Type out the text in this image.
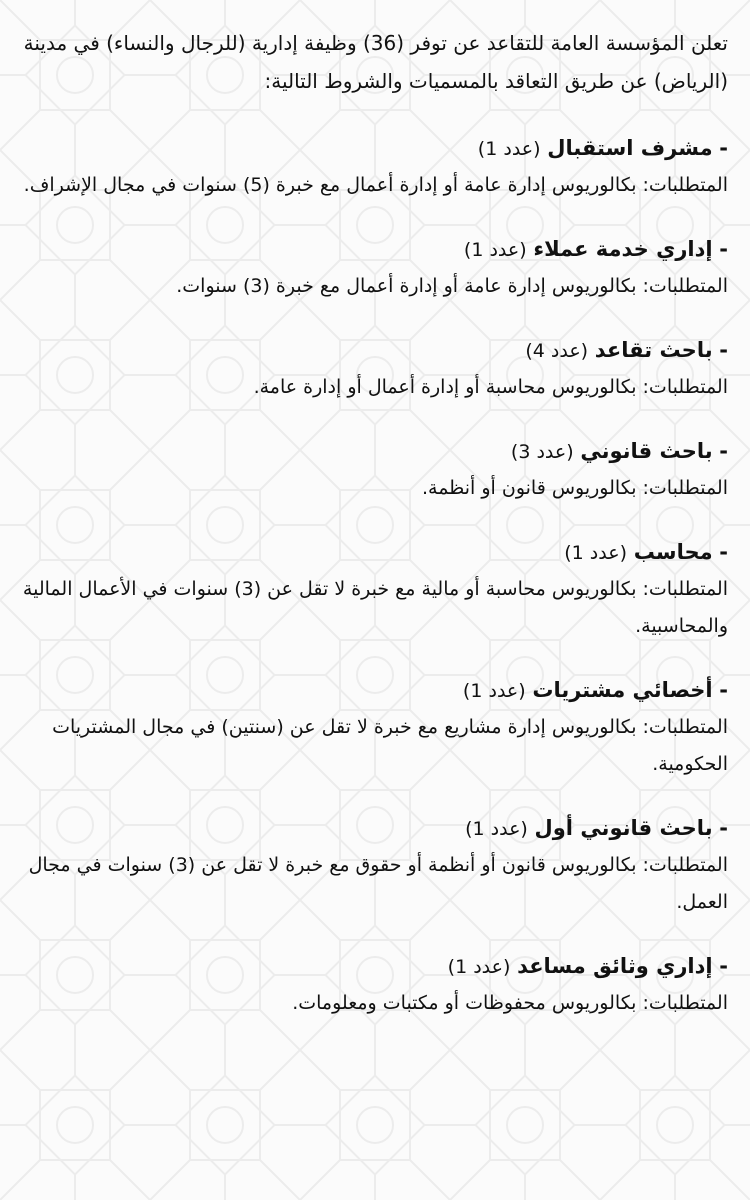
تعلن المؤسسة العامة للتقاعد عن توفر (36) وظيفة إدارية (للرجال والنساء) في مدينة (الرياض) عن طريق التعاقد بالمسميات والشروط التالية:

- مشرف استقبال (عدد 1)

المتطلبات: بكالوريوس إدارة عامة أو إدارة أعمال مع خبرة (5) سنوات في مجال الإشراف.

- إداري خدمة عملاء (عدد 1)

المتطلبات: بكالوريوس إدارة عامة أو إدارة أعمال مع خبرة (3) سنوات.

- باحث تقاعد (عدد 4)

المتطلبات: بكالوريوس محاسبة أو إدارة أعمال أو إدارة عامة.

- باحث قانوني (عدد 3)

المتطلبات: بكالوريوس قانون أو أنظمة.

- محاسب (عدد 1)

المتطلبات: بكالوريوس محاسبة أو مالية مع خبرة لا تقل عن (3) سنوات في الأعمال المالية والمحاسبية.

- أخصائي مشتريات (عدد 1)

المتطلبات: بكالوريوس إدارة مشاريع مع خبرة لا تقل عن (سنتين) في مجال المشتريات الحكومية.

- باحث قانوني أول (عدد 1)

المتطلبات: بكالوريوس قانون أو أنظمة أو حقوق مع خبرة لا تقل عن (3) سنوات في مجال العمل.

- إداري وثائق مساعد (عدد 1)

المتطلبات: بكالوريوس محفوظات أو مكتبات ومعلومات.
